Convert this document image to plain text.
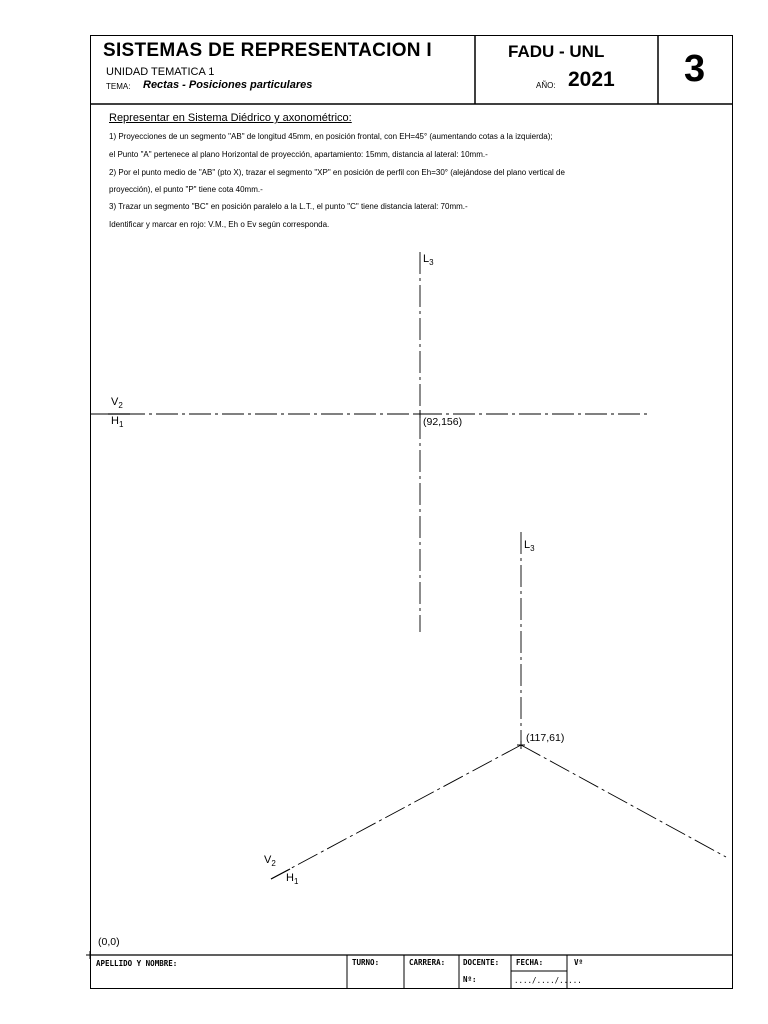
SISTEMAS DE REPRESENTACION I
UNIDAD TEMATICA 1
TEMA: Rectas - Posiciones particulares
FADU - UNL
AÑO: 2021 3
Representar en Sistema Diédrico y axonométrico:
1) Proyecciones de un segmento "AB" de longitud 45mm, en posición frontal, con EH=45° (aumentando cotas a la izquierda);
el Punto "A" pertenece al plano Horizontal de proyección, apartamiento: 15mm, distancia al lateral: 10mm.-
2) Por el punto medio de "AB" (pto X), trazar el segmento "XP" en posición de perfil con Eh=30° (alejándose del plano vertical de
proyección), el punto "P" tiene cota 40mm.-
3) Trazar un segmento "BC" en posición paralelo a la L.T., el punto "C" tiene distancia lateral: 70mm.-
Identificar y marcar en rojo: V.M., Eh o Ev según corresponda.
$V_2$
$H_1$
$L_3$
(92,156)
$L_3$
(117,61)
$V_2$
$H_1$
(0,0)
APELLIDO Y NOMBRE:	TURNO:	CARRERA: DOCENTE:
Nº:
FECHA:
..../..../.....
Vº
